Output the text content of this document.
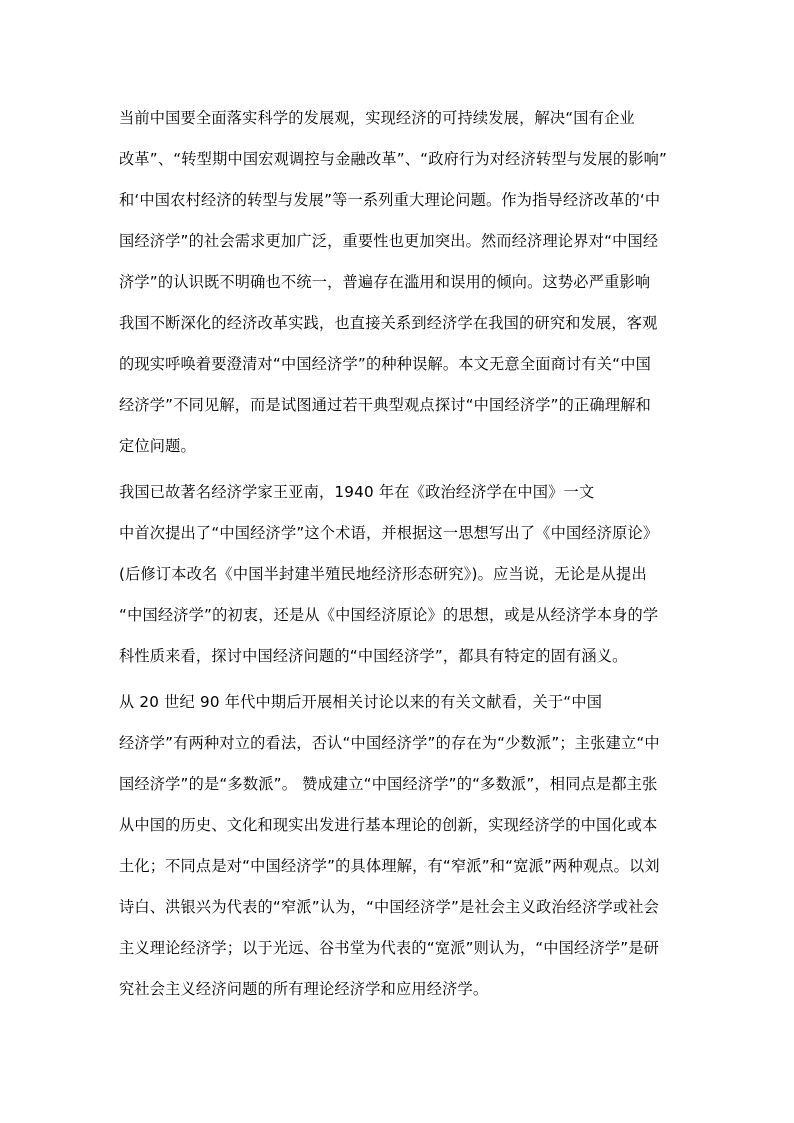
当前中国要全面落实科学的发展观，实现经济的可持续发展，解决“国有企业
改革”、“转型期中国宏观调控与金融改革”、“政府行为对经济转型与发展的影响”
和‘中国农村经济的转型与发展”等一系列重大理论问题。作为指导经济改革的‘中
国经济学”的社会需求更加广泛，重要性也更加突出。然而经济理论界对“中国经
济学”的认识既不明确也不统一，普遍存在滥用和误用的倾向。这势必严重影响
我国不断深化的经济改革实践，也直接关系到经济学在我国的研究和发展，客观
的现实呼唤着要澄清对“中国经济学”的种种误解。本文无意全面商讨有关“中国
经济学”不同见解，而是试图通过若干典型观点探讨“中国经济学”的正确理解和
定位问题。
我国已故著名经济学家王亚南，1940 年在《政治经济学在中国》一文
中首次提出了“中国经济学”这个术语，并根据这一思想写出了《中国经济原论》
(后修订本改名《中国半封建半殖民地经济形态研究》)。应当说，无论是从提出
“中国经济学”的初衷，还是从《中国经济原论》的思想，或是从经济学本身的学
科性质来看，探讨中国经济问题的“中国经济学”，都具有特定的固有涵义。
从 20 世纪 90 年代中期后开展相关讨论以来的有关文献看，关于“中国
经济学”有两种对立的看法，否认“中国经济学”的存在为“少数派”；主张建立“中
国经济学”的是“多数派”。 赞成建立“中国经济学”的“多数派”，相同点是都主张
从中国的历史、文化和现实出发进行基本理论的创新，实现经济学的中国化或本
土化；不同点是对“中国经济学”的具体理解，有“窄派”和“宽派”两种观点。以刘
诗白、洪银兴为代表的“窄派”认为，“中国经济学”是社会主义政治经济学或社会
主义理论经济学；以于光远、谷书堂为代表的“宽派”则认为，“中国经济学”是研
究社会主义经济问题的所有理论经济学和应用经济学。
